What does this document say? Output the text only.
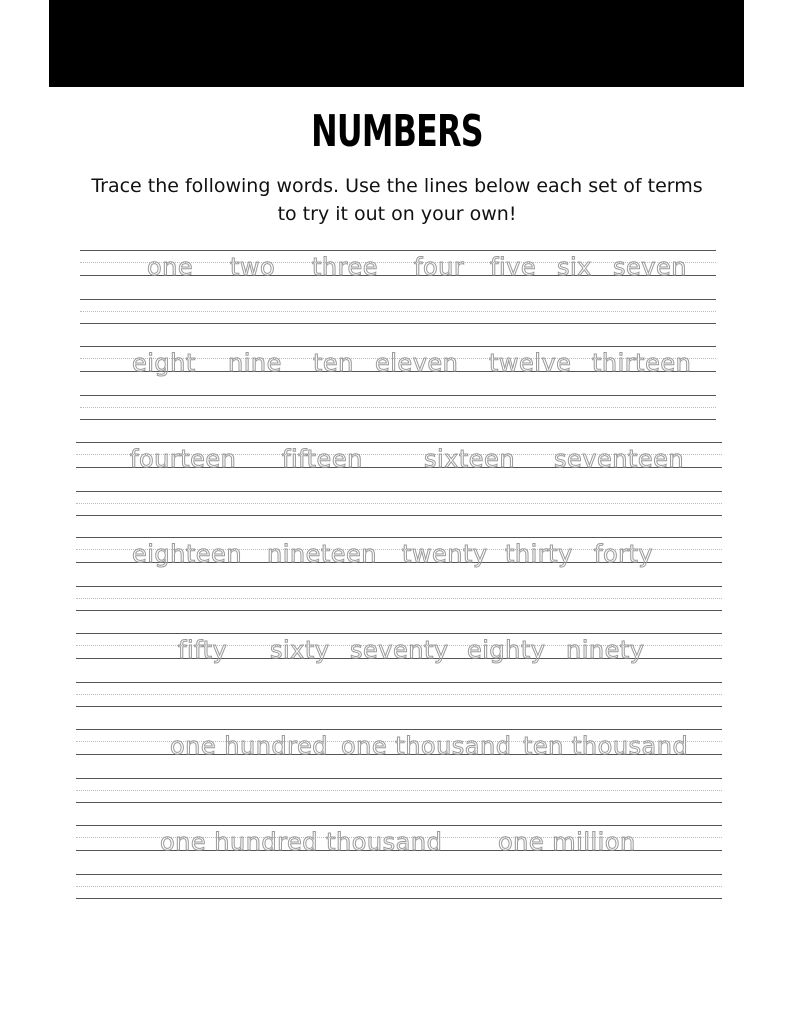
NUMBERS
Trace the following words. Use the lines below each set of terms to try it out on your own!
one two three four five six seven
eight nine ten eleven twelve thirteen
fourteen fifteen	sixteen seventeen
eighteen nineteen twenty thirty forty
fifty sixty seventy eighty ninety
one hundred one thousand ten thousand
one hundred thousand one million
